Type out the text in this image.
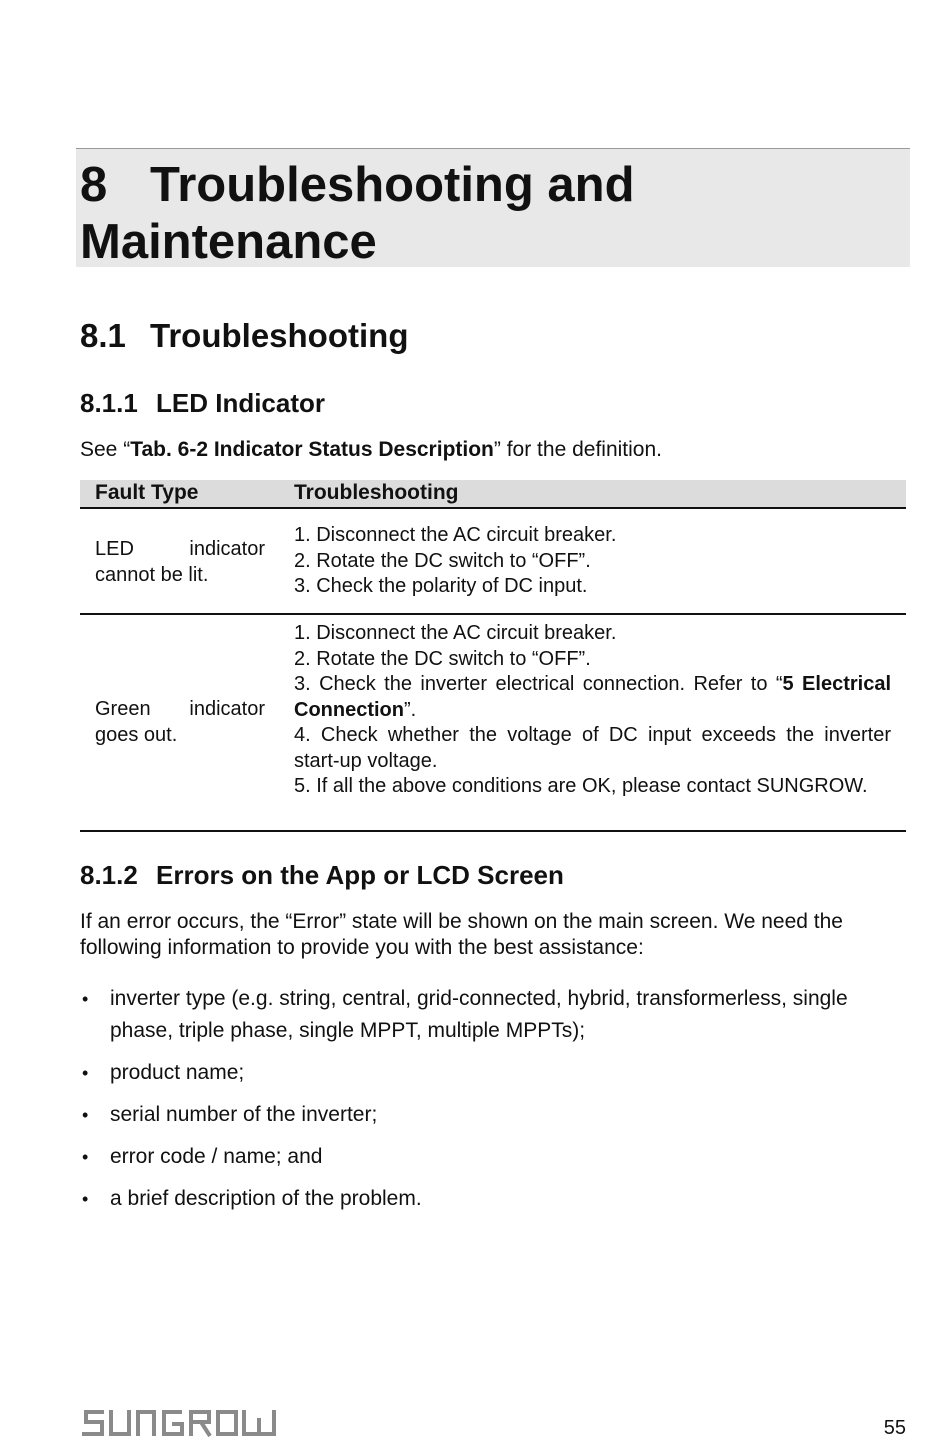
8 Troubleshooting and
Maintenance
8.1 Troubleshooting
8.1.1 LED Indicator

See “Tab. 6-2 Indicator Status Description” for the definition.

Fault Type	Troubleshooting
LED indicator
cannot be lit.
1. Disconnect the AC circuit breaker.
2. Rotate the DC switch to “OFF”.
3. Check the polarity of DC input.
Green indicator
goes out.
1. Disconnect the AC circuit breaker.
2. Rotate the DC switch to “OFF”.
3. Check the inverter electrical connection. Refer to “5 Electrical Connection”.
4. Check whether the voltage of DC input exceeds the inverter start-up voltage.
5. If all the above conditions are OK, please contact SUNGROW.
8.1.2 Errors on the App or LCD Screen

If an error occurs, the “Error” state will be shown on the main screen. We need the following information to provide you with the best assistance:

• inverter type (e.g. string, central, grid-connected, hybrid, transformerless, single phase, triple phase, single MPPT, multiple MPPTs);
• product name;
• serial number of the inverter;
• error code / name; and
• a brief description of the problem.
55
